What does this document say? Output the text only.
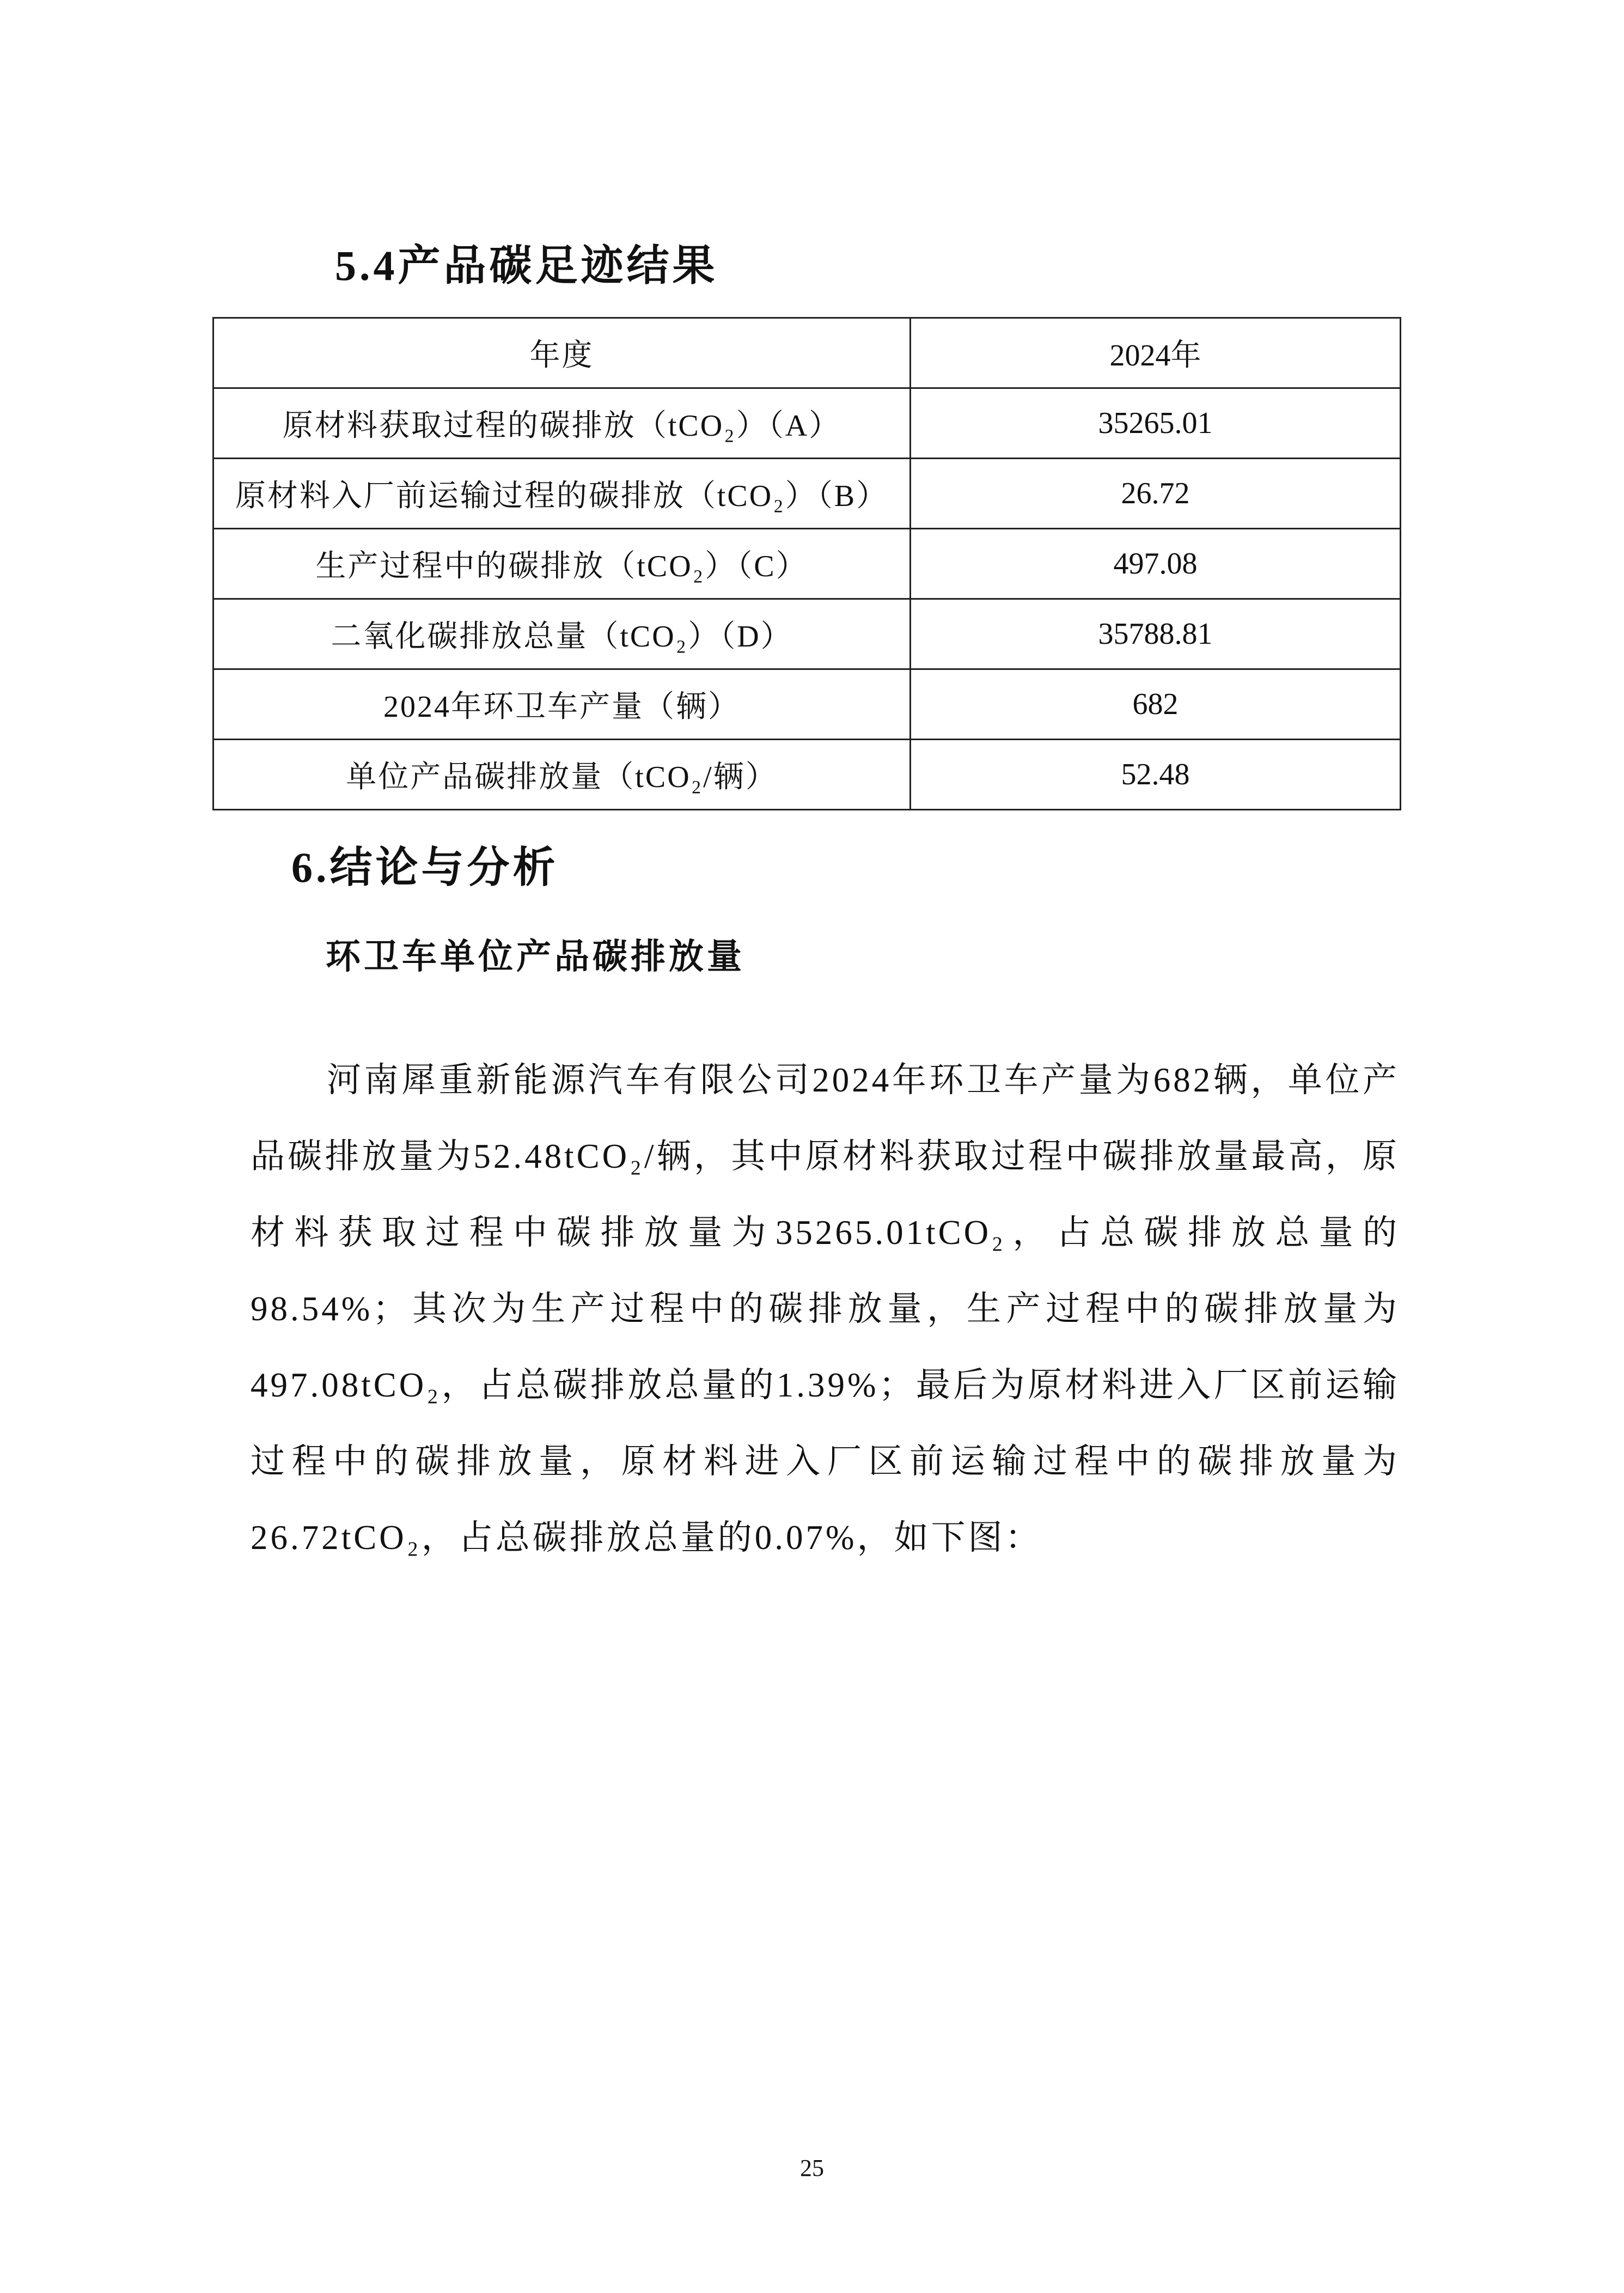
5.4产品碳足迹结果
年度	2024年
原材料获取过程的碳排放（tCO₂）（A）	35265.01
原材料入厂前运输过程的碳排放（tCO₂）（B）	26.72
生产过程中的碳排放（tCO₂）（C）	497.08
二氧化碳排放总量（tCO₂）（D）	35788.81
2024年环卫车产量（辆）	682
单位产品碳排放量（tCO₂/辆）	52.48
6.结论与分析
环卫车单位产品碳排放量

河南犀重新能源汽车有限公司2024年环卫车产量为682辆，单位产品碳排放量为52.48tCO₂/辆，其中原材料获取过程中碳排放量最高，原材料获取过程中碳排放量为35265.01tCO₂，占总碳排放总量的98.54%；其次为生产过程中的碳排放量，生产过程中的碳排放量为497.08tCO₂，占总碳排放总量的1.39%；最后为原材料进入厂区前运输过程中的碳排放量，原材料进入厂区前运输过程中的碳排放量为26.72tCO₂，占总碳排放总量的0.07%，如下图：

25
